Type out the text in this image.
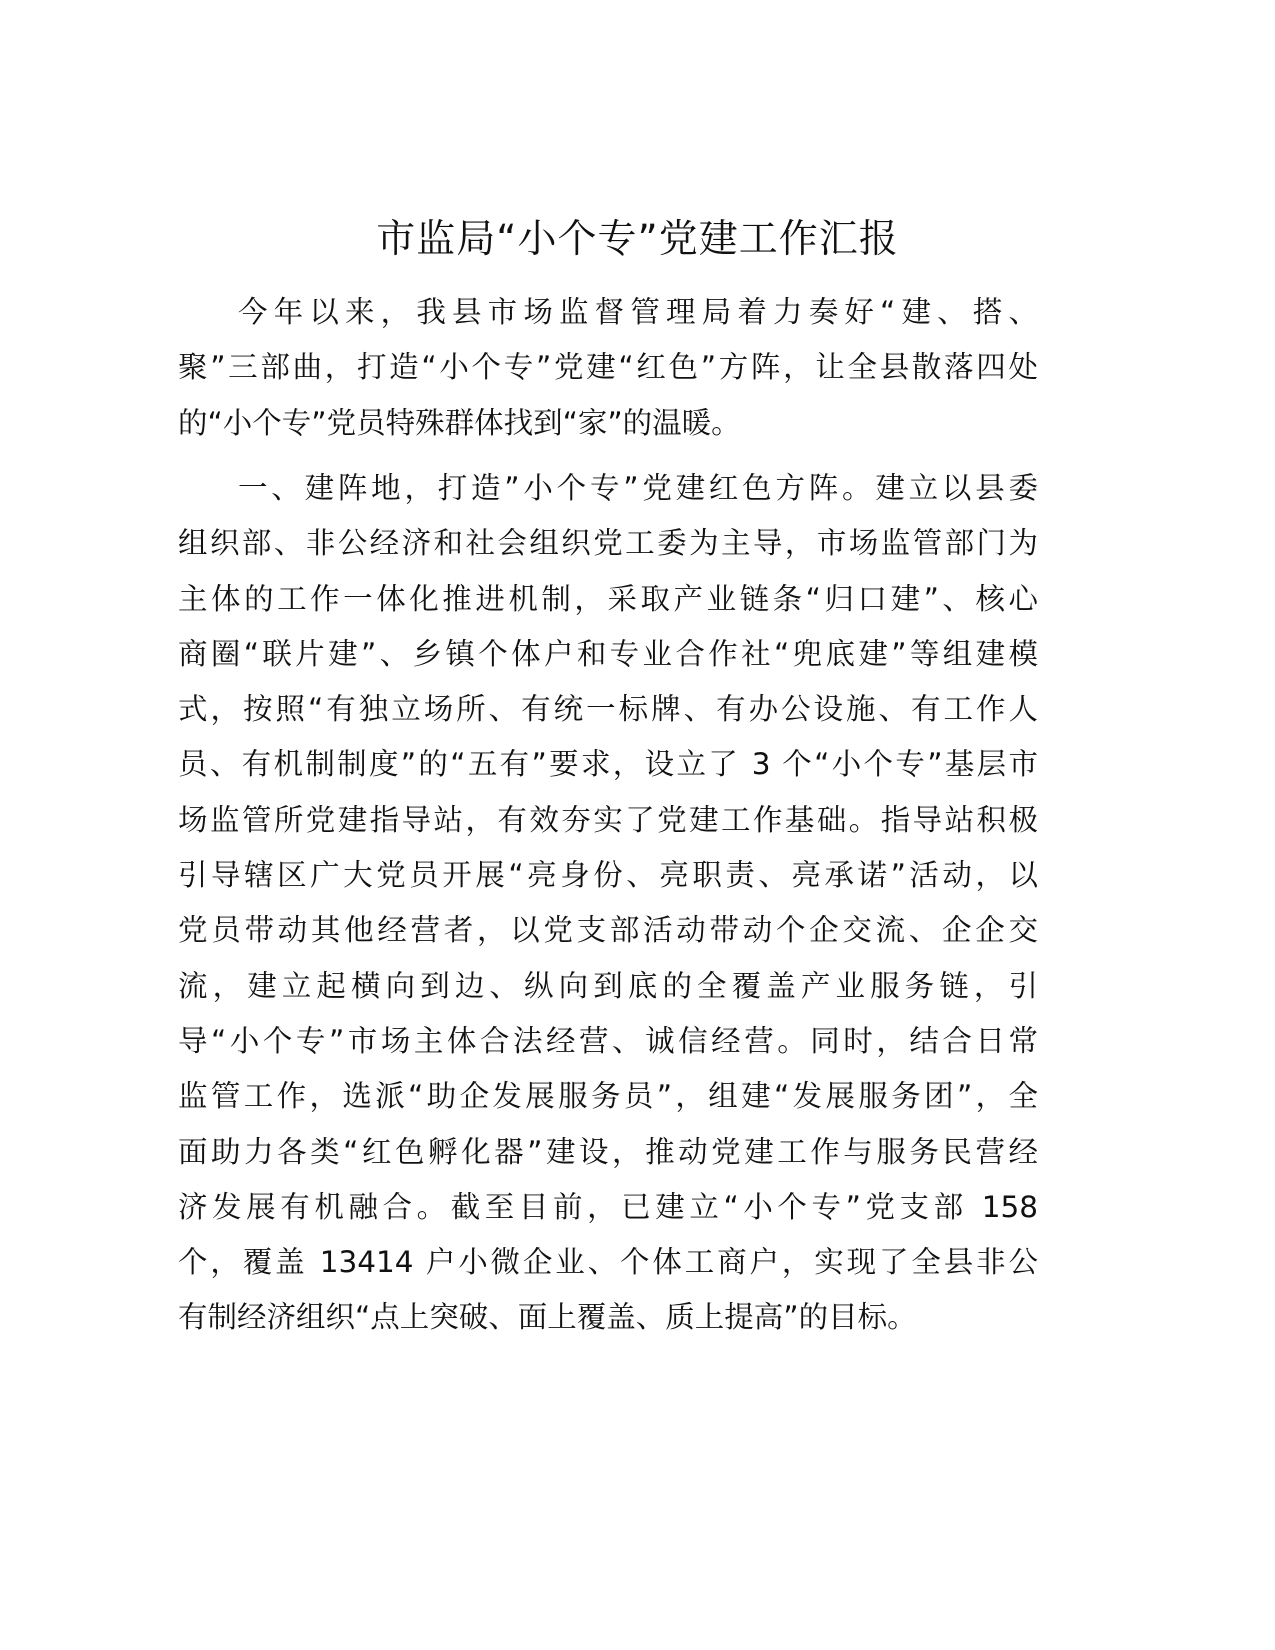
市监局“小个专”党建工作汇报
今年以来，我县市场监督管理局着力奏好“建、搭、
聚”三部曲，打造“小个专”党建“红色”方阵，让全县散落四处
的“小个专”党员特殊群体找到“家”的温暖。
一、建阵地，打造”小个专”党建红色方阵。建立以县委
组织部、非公经济和社会组织党工委为主导，市场监管部门为
主体的工作一体化推进机制，采取产业链条“归口建”、核心
商圈“联片建”、乡镇个体户和专业合作社“兜底建”等组建模
式，按照“有独立场所、有统一标牌、有办公设施、有工作人
员、有机制制度”的“五有”要求，设立了 3 个“小个专”基层市
场监管所党建指导站，有效夯实了党建工作基础。指导站积极
引导辖区广大党员开展“亮身份、亮职责、亮承诺”活动，以
党员带动其他经营者，以党支部活动带动个企交流、企企交
流，建立起横向到边、纵向到底的全覆盖产业服务链，引
导“小个专”市场主体合法经营、诚信经营。同时，结合日常
监管工作，选派“助企发展服务员”，组建“发展服务团”，全
面助力各类“红色孵化器”建设，推动党建工作与服务民营经
济发展有机融合。截至目前，已建立“小个专”党支部 158
个，覆盖 13414 户小微企业、个体工商户，实现了全县非公
有制经济组织“点上突破、面上覆盖、质上提高”的目标。
